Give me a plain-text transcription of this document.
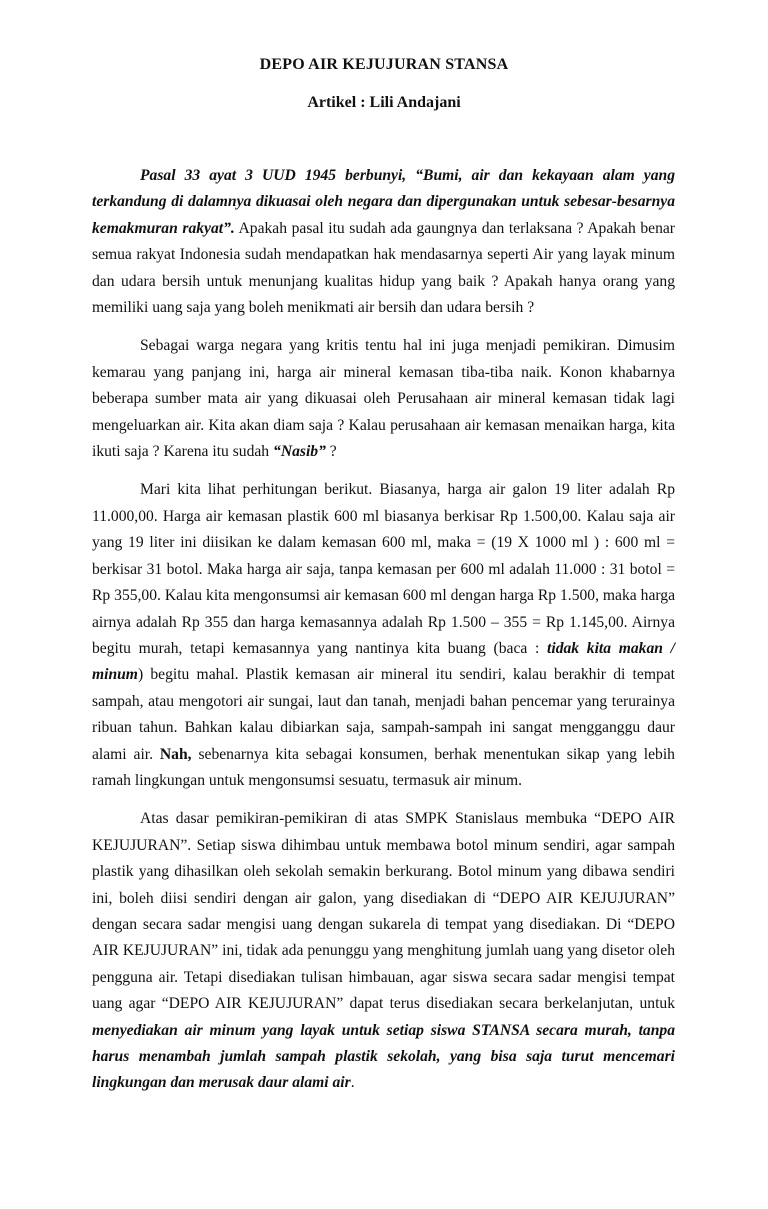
DEPO AIR KEJUJURAN STANSA
Artikel : Lili Andajani

Pasal 33 ayat 3 UUD 1945 berbunyi, “Bumi, air dan kekayaan alam yang terkandung di dalamnya dikuasai oleh negara dan dipergunakan untuk sebesar-besarnya kemakmuran rakyat”. Apakah pasal itu sudah ada gaungnya dan terlaksana ? Apakah benar semua rakyat Indonesia sudah mendapatkan hak mendasarnya seperti Air yang layak minum dan udara bersih untuk menunjang kualitas hidup yang baik ? Apakah hanya orang yang memiliki uang saja yang boleh menikmati air bersih dan udara bersih ?

Sebagai warga negara yang kritis tentu hal ini juga menjadi pemikiran. Dimusim kemarau yang panjang ini, harga air mineral kemasan tiba-tiba naik. Konon khabarnya beberapa sumber mata air yang dikuasai oleh Perusahaan air mineral kemasan tidak lagi mengeluarkan air. Kita akan diam saja ? Kalau perusahaan air kemasan menaikan harga, kita ikuti saja ? Karena itu sudah “Nasib” ?

Mari kita lihat perhitungan berikut. Biasanya, harga air galon 19 liter adalah Rp 11.000,00. Harga air kemasan plastik 600 ml biasanya berkisar Rp 1.500,00. Kalau saja air yang 19 liter ini diisikan ke dalam kemasan 600 ml, maka = (19 X 1000 ml ) : 600 ml = berkisar 31 botol. Maka harga air saja, tanpa kemasan per 600 ml adalah 11.000 : 31 botol = Rp 355,00. Kalau kita mengonsumsi air kemasan 600 ml dengan harga Rp 1.500, maka harga airnya adalah Rp 355 dan harga kemasannya adalah Rp 1.500 – 355 = Rp 1.145,00. Airnya begitu murah, tetapi kemasannya yang nantinya kita buang (baca : tidak kita makan / minum) begitu mahal. Plastik kemasan air mineral itu sendiri, kalau berakhir di tempat sampah, atau mengotori air sungai, laut dan tanah, menjadi bahan pencemar yang terurainya ribuan tahun. Bahkan kalau dibiarkan saja, sampah-sampah ini sangat mengganggu daur alami air. Nah, sebenarnya kita sebagai konsumen, berhak menentukan sikap yang lebih ramah lingkungan untuk mengonsumsi sesuatu, termasuk air minum.

Atas dasar pemikiran-pemikiran di atas SMPK Stanislaus membuka “DEPO AIR KEJUJURAN”. Setiap siswa dihimbau untuk membawa botol minum sendiri, agar sampah plastik yang dihasilkan oleh sekolah semakin berkurang. Botol minum yang dibawa sendiri ini, boleh diisi sendiri dengan air galon, yang disediakan di “DEPO AIR KEJUJURAN” dengan secara sadar mengisi uang dengan sukarela di tempat yang disediakan. Di “DEPO AIR KEJUJURAN” ini, tidak ada penunggu yang menghitung jumlah uang yang disetor oleh pengguna air. Tetapi disediakan tulisan himbauan, agar siswa secara sadar mengisi tempat uang agar “DEPO AIR KEJUJURAN” dapat terus disediakan secara berkelanjutan, untuk menyediakan air minum yang layak untuk setiap siswa STANSA secara murah, tanpa harus menambah jumlah sampah plastik sekolah, yang bisa saja turut mencemari lingkungan dan merusak daur alami air.
